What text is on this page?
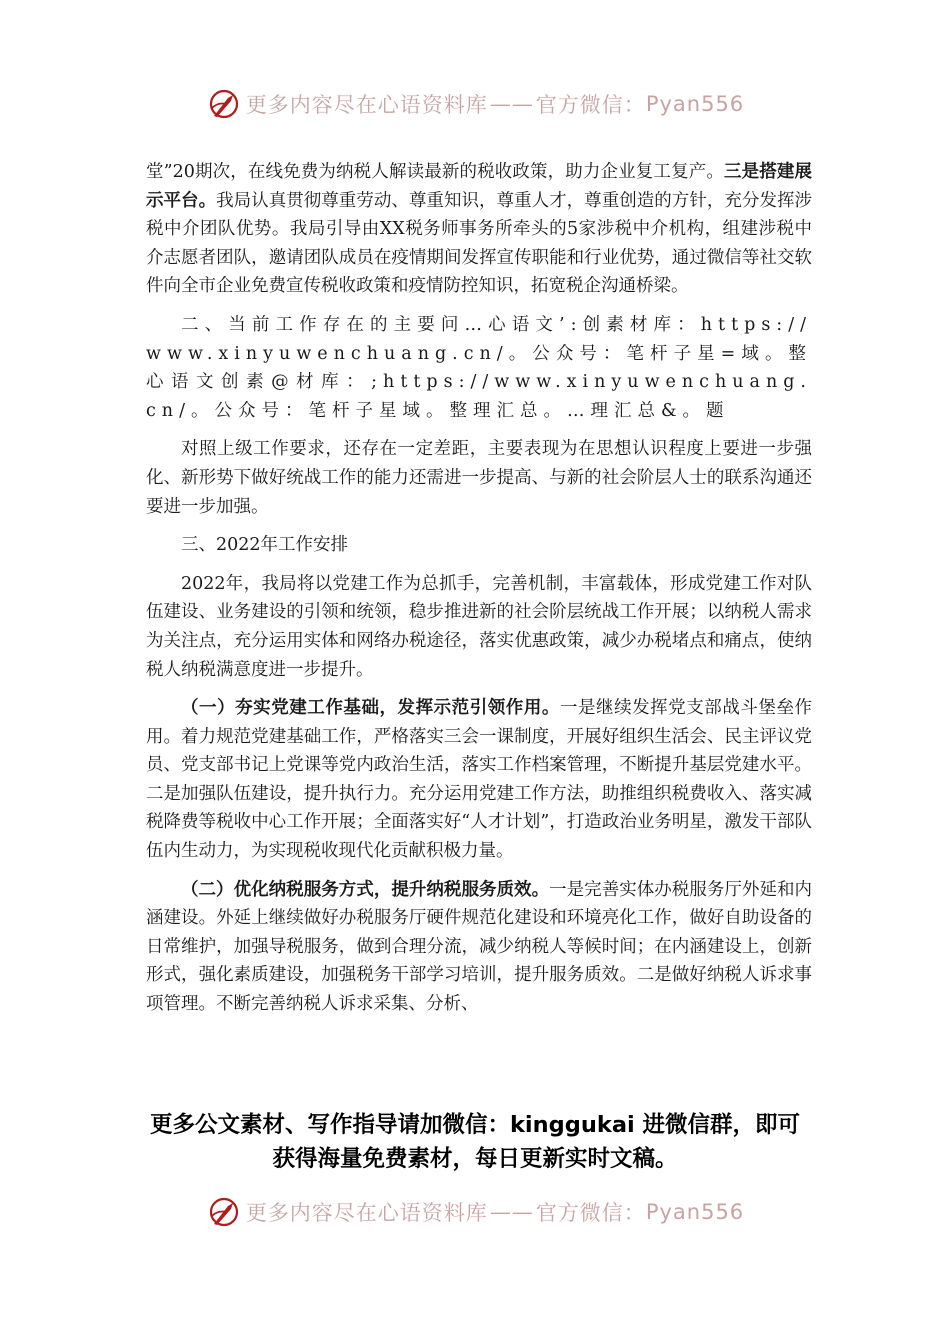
更多内容尽在心语资料库 —— 官方微信： Pyan556

堂”20期次，在线免费为纳税人解读最新的税收政策，助力企业复工复产。三是搭建展示平台。我局认真贯彻尊重劳动、尊重知识，尊重人才，尊重创造的方针，充分发挥涉税中介团队优势。我局引导由XX税务师事务所牵头的5家涉税中介机构，组建涉税中介志愿者团队，邀请团队成员在疫情期间发挥宣传职能和行业优势，通过微信等社交软件向全市企业免费宣传税收政策和疫情防控知识，拓宽税企沟通桥梁。

二、当前工作存在的主要问…心语文’:创素材库：https://www.xinyuwenchuang.cn/。公众号：笔杆子星=域。整心语文创素@材库：;https://www.xinyuwenchuang.cn/。公众号：笔杆子星域。整理汇总。…理汇总&。题

对照上级工作要求，还存在一定差距，主要表现为在思想认识程度上要进一步强化、新形势下做好统战工作的能力还需进一步提高、与新的社会阶层人士的联系沟通还要进一步加强。

三、2022年工作安排

2022年，我局将以党建工作为总抓手，完善机制，丰富载体，形成党建工作对队伍建设、业务建设的引领和统领，稳步推进新的社会阶层统战工作开展；以纳税人需求为关注点，充分运用实体和网络办税途径，落实优惠政策，减少办税堵点和痛点，使纳税人纳税满意度进一步提升。

（一）夯实党建工作基础，发挥示范引领作用。一是继续发挥党支部战斗堡垒作用。着力规范党建基础工作，严格落实三会一课制度，开展好组织生活会、民主评议党员、党支部书记上党课等党内政治生活，落实工作档案管理，不断提升基层党建水平。二是加强队伍建设，提升执行力。充分运用党建工作方法，助推组织税费收入、落实减税降费等税收中心工作开展；全面落实好“人才计划”，打造政治业务明星，激发干部队伍内生动力，为实现税收现代化贡献积极力量。

（二）优化纳税服务方式，提升纳税服务质效。一是完善实体办税服务厅外延和内涵建设。外延上继续做好办税服务厅硬件规范化建设和环境亮化工作，做好自助设备的日常维护，加强导税服务，做到合理分流，减少纳税人等候时间；在内涵建设上，创新形式，强化素质建设，加强税务干部学习培训，提升服务质效。二是做好纳税人诉求事项管理。不断完善纳税人诉求采集、分析、

更多公文素材、写作指导请加微信：kinggukai 进微信群，即可
获得海量免费素材，每日更新实时文稿。
更多内容尽在心语资料库 —— 官方微信： Pyan556
